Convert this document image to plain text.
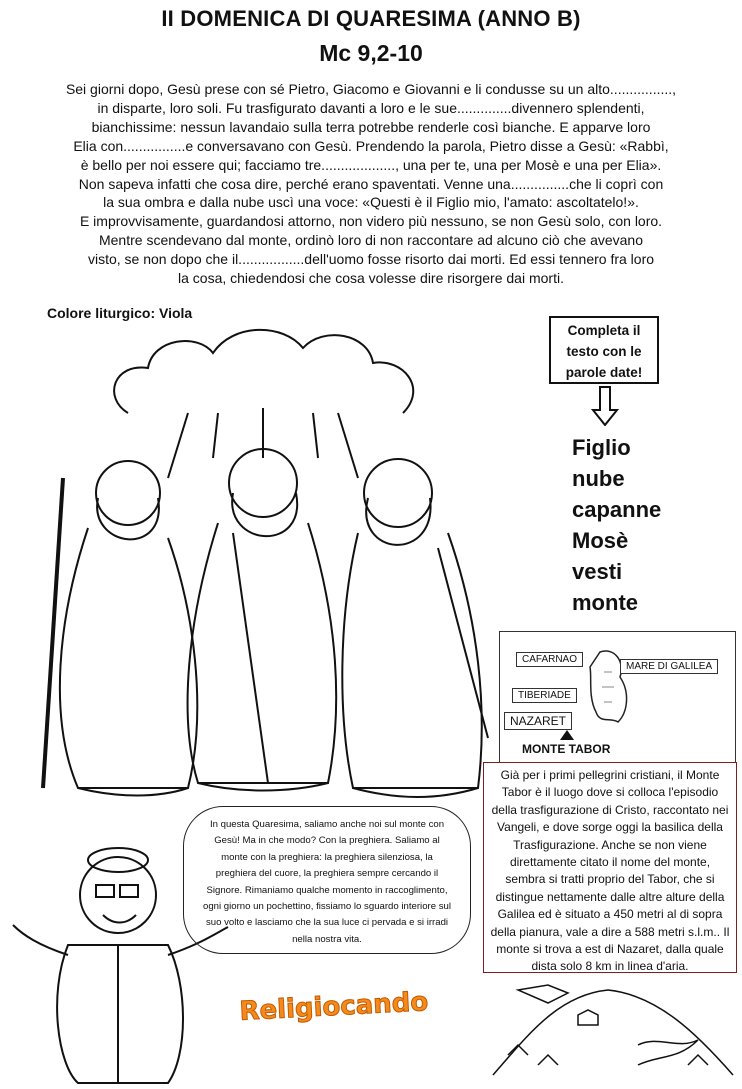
II DOMENICA DI QUARESIMA (ANNO B)
Mc 9,2-10
Sei giorni dopo, Gesù prese con sé Pietro, Giacomo e Giovanni e li condusse su un alto................,
in disparte, loro soli. Fu trasfigurato davanti a loro e le sue..............divennero splendenti,
bianchissime: nessun lavandaio sulla terra potrebbe renderle così bianche. E apparve loro
Elia con................e conversavano con Gesù. Prendendo la parola, Pietro disse a Gesù: «Rabbì,
è bello per noi essere qui; facciamo tre..................., una per te, una per Mosè e una per Elia».
Non sapeva infatti che cosa dire, perché erano spaventati. Venne una...............che li coprì con
la sua ombra e dalla nube uscì una voce: «Questi è il Figlio mio, l'amato: ascoltatelo!».
E improvvisamente, guardandosi attorno, non videro più nessuno, se non Gesù solo, con loro.
Mentre scendevano dal monte, ordinò loro di non raccontare ad alcuno ciò che avevano
visto, se non dopo che il.................dell'uomo fosse risorto dai morti. Ed essi tennero fra loro
la cosa, chiedendosi che cosa volesse dire risorgere dai morti.
Colore liturgico: Viola
Completa il
testo con le
parole date!
Figlio
nube
capanne
Mosè
vesti
monte
CAFARNAO
MARE DI GALILEA
TIBERIADE
NAZARET
MONTE TABOR
Già per i primi pellegrini cristiani, il Monte Tabor è il luogo dove si colloca l'episodio della trasfigurazione di Cristo, raccontato nei Vangeli, e dove sorge oggi la basilica della Trasfigurazione. Anche se non viene direttamente citato il nome del monte, sembra si tratti proprio del Tabor, che si distingue nettamente dalle altre alture della Galilea ed è situato a 450 metri al di sopra della pianura, vale a dire a 588 metri s.l.m.. Il monte si trova a est di Nazaret, dalla quale dista solo 8 km in linea d'aria.
In questa Quaresima, saliamo anche noi sul monte con Gesù! Ma in che modo? Con la preghiera. Saliamo al monte con la preghiera: la preghiera silenziosa, la preghiera del cuore, la preghiera sempre cercando il Signore. Rimaniamo qualche momento in raccoglimento, ogni giorno un pochettino, fissiamo lo sguardo interiore sul suo volto e lasciamo che la sua luce ci pervada e si irradi nella nostra vita.
Religiocando
